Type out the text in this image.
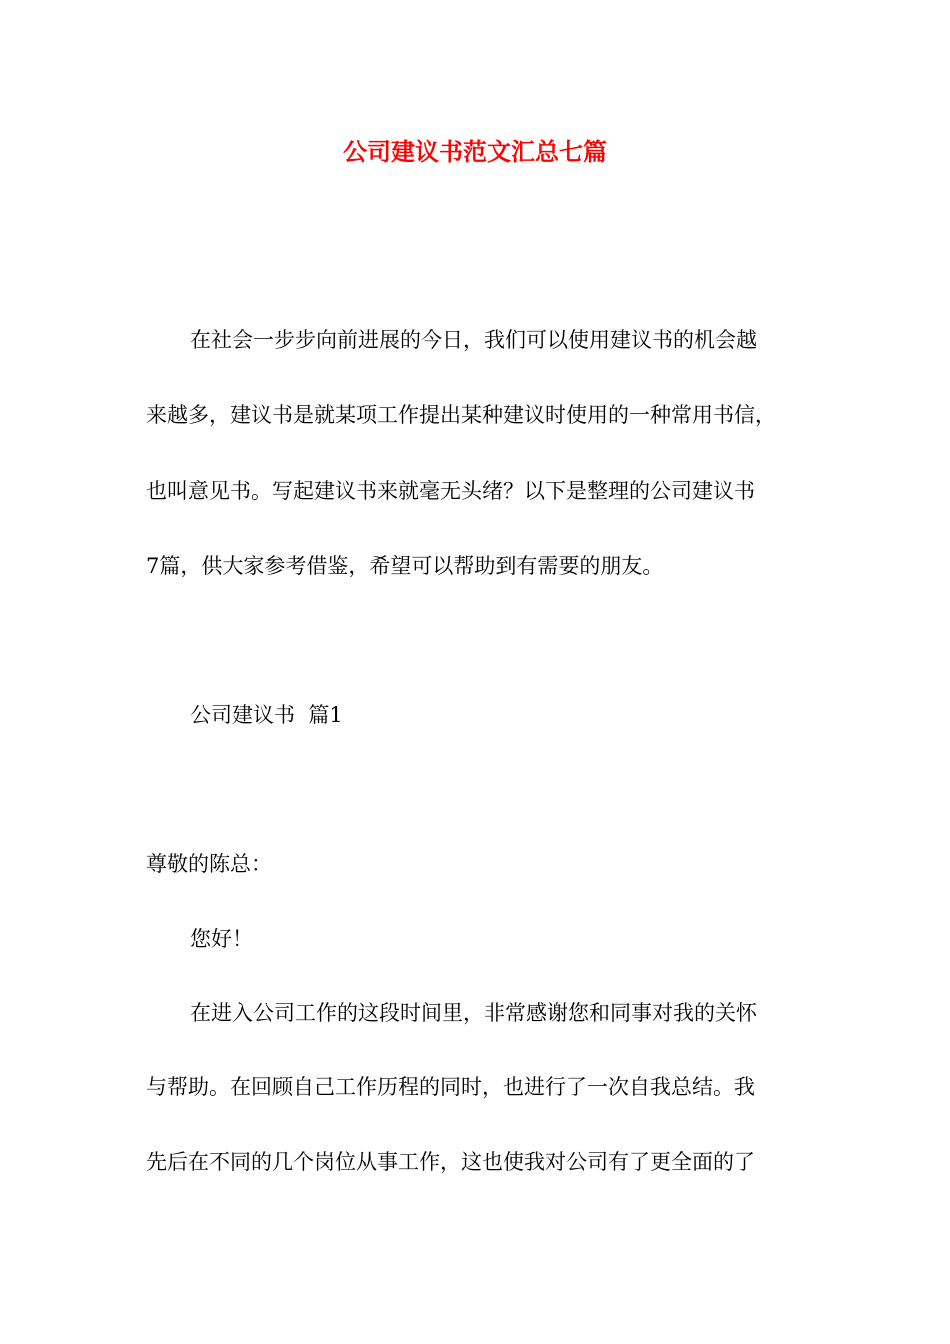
公司建议书范文汇总七篇
在社会一步步向前进展的今日，我们可以使用建议书的机会越
来越多，建议书是就某项工作提出某种建议时使用的一种常用书信，
也叫意见书。写起建议书来就毫无头绪？以下是整理的公司建议书
7篇，供大家参考借鉴，希望可以帮助到有需要的朋友。
公司建议书  篇1
尊敬的陈总：
您好！
在进入公司工作的这段时间里，非常感谢您和同事对我的关怀
与帮助。在回顾自己工作历程的同时，也进行了一次自我总结。我
先后在不同的几个岗位从事工作，这也使我对公司有了更全面的了
